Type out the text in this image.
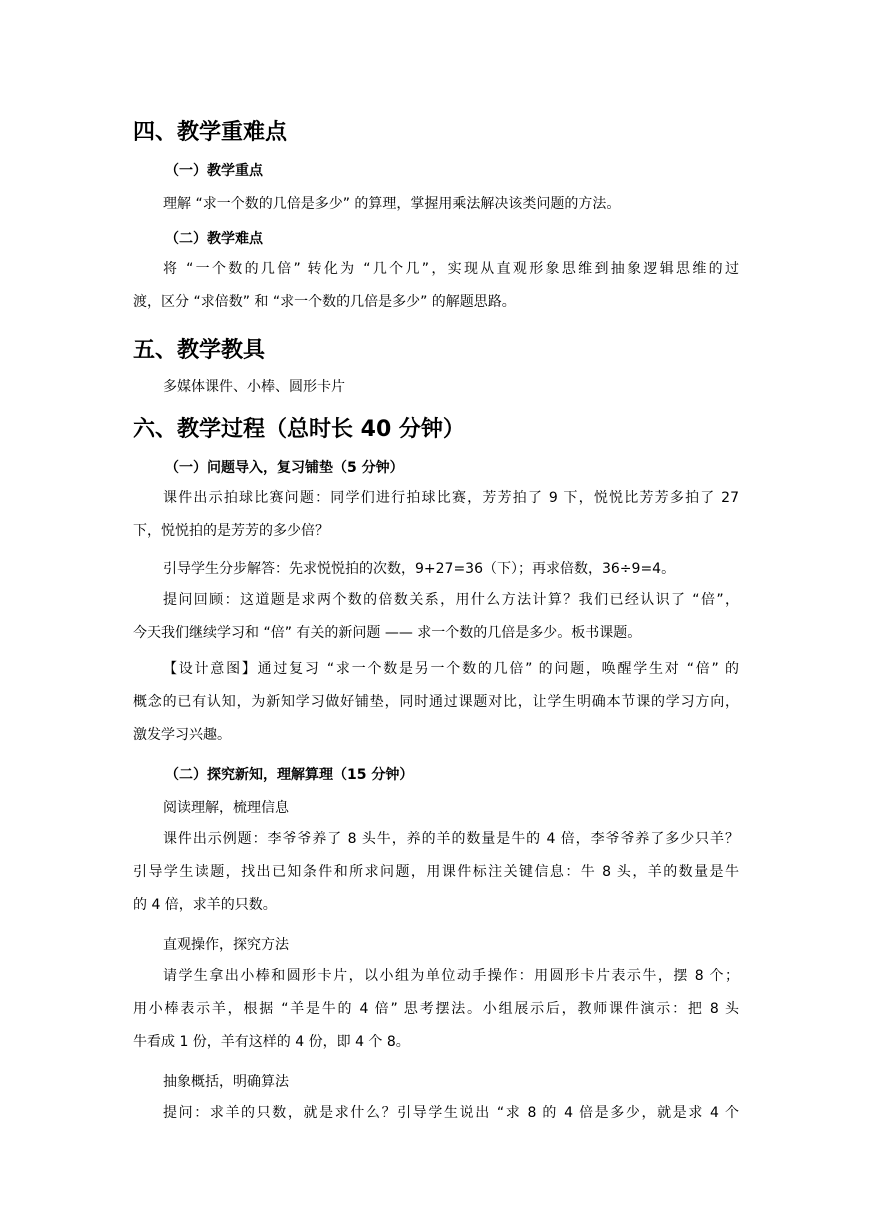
四、教学重难点
（一）教学重点
理解 “求一个数的几倍是多少” 的算理，掌握用乘法解决该类问题的方法。
（二）教学难点
将 “一个数的几倍” 转化为 “几个几”，实现从直观形象思维到抽象逻辑思维的过
渡，区分 “求倍数” 和 “求一个数的几倍是多少” 的解题思路。
五、教学教具
多媒体课件、小棒、圆形卡片
六、教学过程（总时长 40 分钟）
（一）问题导入，复习铺垫（5 分钟）
课件出示拍球比赛问题：同学们进行拍球比赛，芳芳拍了 9 下，悦悦比芳芳多拍了 27
下，悦悦拍的是芳芳的多少倍？
引导学生分步解答：先求悦悦拍的次数，9+27=36（下）；再求倍数，36÷9=4。
提问回顾：这道题是求两个数的倍数关系，用什么方法计算？我们已经认识了 “倍”，
今天我们继续学习和 “倍” 有关的新问题 —— 求一个数的几倍是多少。板书课题。
【设计意图】通过复习 “求一个数是另一个数的几倍” 的问题，唤醒学生对 “倍” 的
概念的已有认知，为新知学习做好铺垫，同时通过课题对比，让学生明确本节课的学习方向，
激发学习兴趣。
（二）探究新知，理解算理（15 分钟）
阅读理解，梳理信息
课件出示例题：李爷爷养了 8 头牛，养的羊的数量是牛的 4 倍，李爷爷养了多少只羊？
引导学生读题，找出已知条件和所求问题，用课件标注关键信息：牛 8 头，羊的数量是牛
的 4 倍，求羊的只数。
直观操作，探究方法
请学生拿出小棒和圆形卡片，以小组为单位动手操作：用圆形卡片表示牛，摆 8 个；
用小棒表示羊，根据 “羊是牛的 4 倍” 思考摆法。小组展示后，教师课件演示：把 8 头
牛看成 1 份，羊有这样的 4 份，即 4 个 8。
抽象概括，明确算法
提问：求羊的只数，就是求什么？引导学生说出 “求 8 的 4 倍是多少，就是求 4 个
